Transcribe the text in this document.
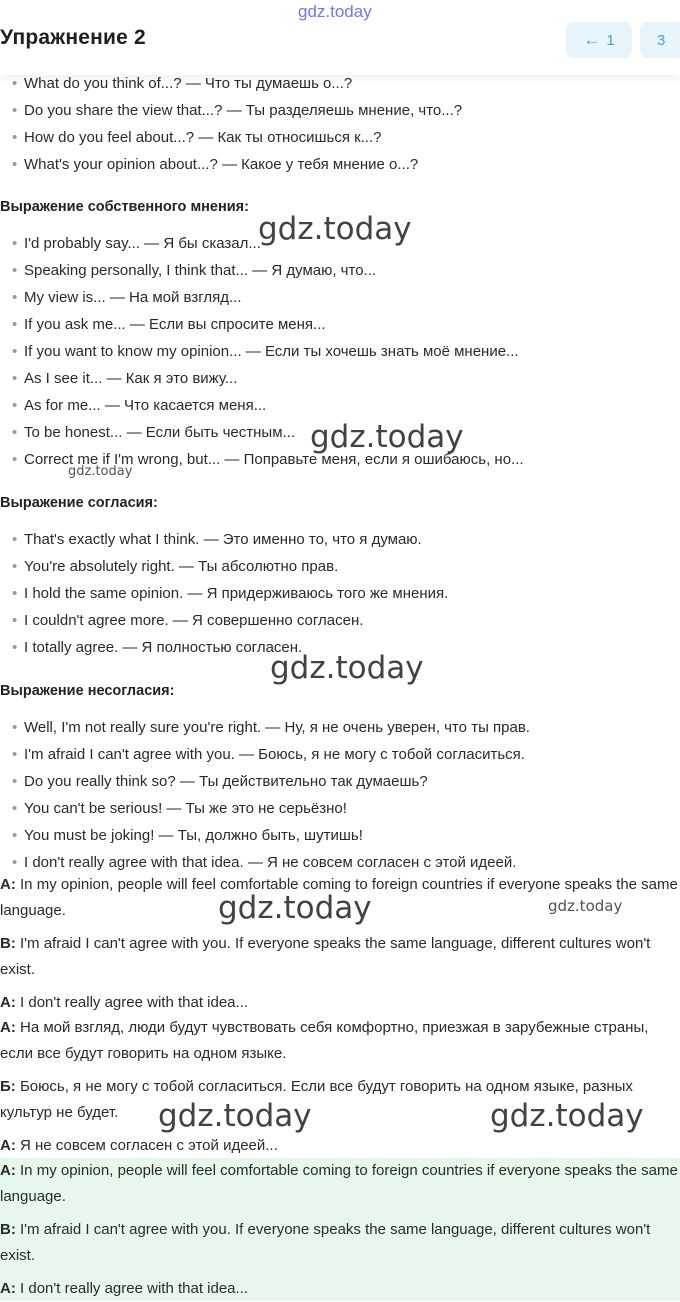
• What do you think of...? — Что ты думаешь о...?
• Do you share the view that...? — Ты разделяешь мнение, что...?
• How do you feel about...? — Как ты относишься к...?
• What's your opinion about...? — Какое у тебя мнение о...?
Выражение собственного мнения:
• I'd probably say... — Я бы сказал...
• Speaking personally, I think that... — Я думаю, что...
• My view is... — На мой взгляд...
• If you ask me... — Если вы спросите меня...
• If you want to know my opinion... — Если ты хочешь знать моё мнение...
• As I see it... — Как я это вижу...
• As for me... — Что касается меня...
• To be honest... — Если быть честным...
• Correct me if I'm wrong, but... — Поправьте меня, если я ошибаюсь, но...
Выражение согласия:
• That's exactly what I think. — Это именно то, что я думаю.
• You're absolutely right. — Ты абсолютно прав.
• I hold the same opinion. — Я придерживаюсь того же мнения.
• I couldn't agree more. — Я совершенно согласен.
• I totally agree. — Я полностью согласен.
Выражение несогласия:
• Well, I'm not really sure you're right. — Ну, я не очень уверен, что ты прав.
• I'm afraid I can't agree with you. — Боюсь, я не могу с тобой согласиться.
• Do you really think so? — Ты действительно так думаешь?
• You can't be serious! — Ты же это не серьёзно!
• You must be joking! — Ты, должно быть, шутишь!
• I don't really agree with that idea. — Я не совсем согласен с этой идеей.
A: In my opinion, people will feel comfortable coming to foreign countries if everyone speaks the same language.
B: I'm afraid I can't agree with you. If everyone speaks the same language, different cultures won't exist.
A: I don't really agree with that idea...
А: На мой взгляд, люди будут чувствовать себя комфортно, приезжая в зарубежные страны, если все будут говорить на одном языке.
Б: Боюсь, я не могу с тобой согласиться. Если все будут говорить на одном языке, разных культур не будет.
А: Я не совсем согласен с этой идеей...
A: In my opinion, people will feel comfortable coming to foreign countries if everyone speaks the same language.
B: I'm afraid I can't agree with you. If everyone speaks the same language, different cultures won't exist.
A: I don't really agree with that idea...
gdz.today
gdz.today
gdz.today
gdz.today
gdz.today	gdz.today
gdz.today	gdz.today
gdz.today
Упражнение 2	← 1	3
